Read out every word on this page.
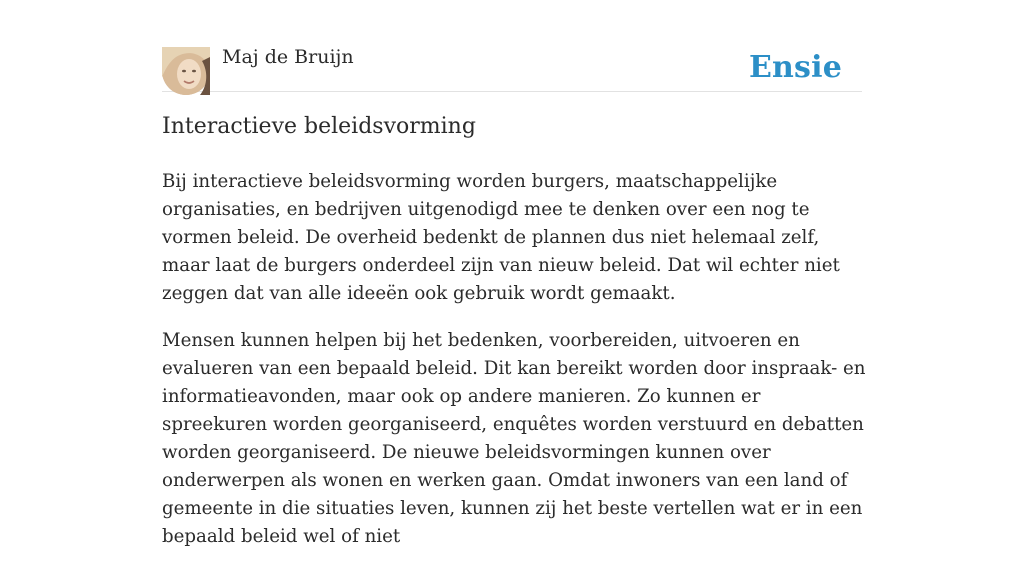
Maj de Bruijn	Ensie
Interactieve beleidsvorming

Bij interactieve beleidsvorming worden burgers, maatschappelijke organisaties, en bedrijven uitgenodigd mee te denken over een nog te vormen beleid. De overheid bedenkt de plannen dus niet helemaal zelf, maar laat de burgers onderdeel zijn van nieuw beleid. Dat wil echter niet zeggen dat van alle ideeën ook gebruik wordt gemaakt.

Mensen kunnen helpen bij het bedenken, voorbereiden, uitvoeren en evalueren van een bepaald beleid. Dit kan bereikt worden door inspraak- en informatieavonden, maar ook op andere manieren. Zo kunnen er spreekuren worden georganiseerd, enquêtes worden verstuurd en debatten worden georganiseerd. De nieuwe beleidsvormingen kunnen over onderwerpen als wonen en werken gaan. Omdat inwoners van een land of gemeente in die situaties leven, kunnen zij het beste vertellen wat er in een bepaald beleid wel of niet
